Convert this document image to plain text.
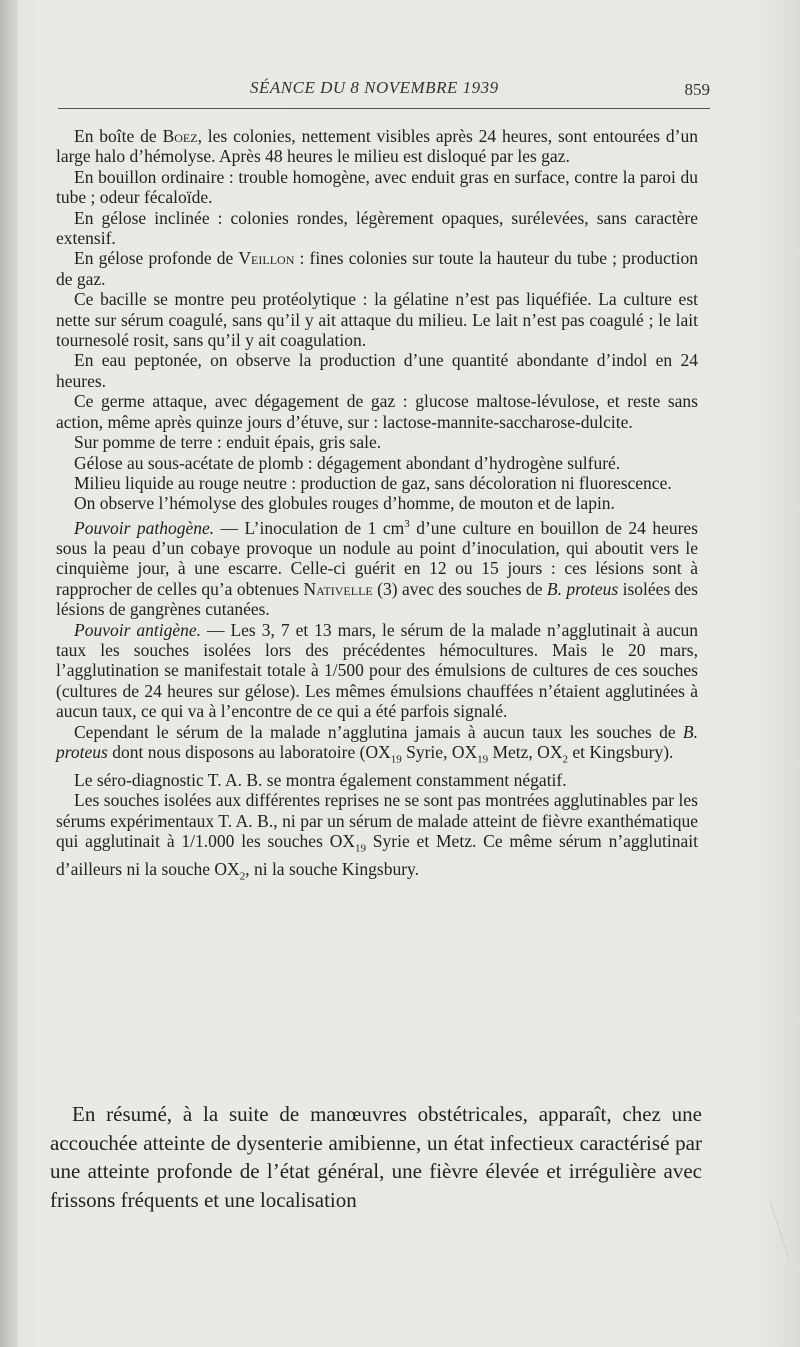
SÉANCE DU 8 NOVEMBRE 1939	859

En boîte de Boez, les colonies, nettement visibles après 24 heures, sont entourées d’un large halo d’hémolyse. Après 48 heures le milieu est disloqué par les gaz.

En bouillon ordinaire : trouble homogène, avec enduit gras en surface, contre la paroi du tube ; odeur fécaloïde.

En gélose inclinée : colonies rondes, légèrement opaques, surélevées, sans caractère extensif.

En gélose profonde de Veillon : fines colonies sur toute la hauteur du tube ; production de gaz.

Ce bacille se montre peu protéolytique : la gélatine n’est pas liquéfiée. La culture est nette sur sérum coagulé, sans qu’il y ait attaque du milieu. Le lait n’est pas coagulé ; le lait tournesolé rosit, sans qu’il y ait coagulation.

En eau peptonée, on observe la production d’une quantité abondante d’indol en 24 heures.

Ce germe attaque, avec dégagement de gaz : glucose maltose-lévulose, et reste sans action, même après quinze jours d’étuve, sur : lactose-mannite-saccharose-dulcite.

Sur pomme de terre : enduit épais, gris sale.

Gélose au sous-acétate de plomb : dégagement abondant d’hydrogène sulfuré.

Milieu liquide au rouge neutre : production de gaz, sans décoloration ni fluorescence.

On observe l’hémolyse des globules rouges d’homme, de mouton et de lapin.

Pouvoir pathogène. — L’inoculation de 1 $cm^3$ d’une culture en bouillon de 24 heures sous la peau d’un cobaye provoque un nodule au point d’inoculation, qui aboutit vers le cinquième jour, à une escarre. Celle-ci guérit en 12 ou 15 jours : ces lésions sont à rapprocher de celles qu’a obtenues Nativelle (3) avec des souches de B. proteus isolées des lésions de gangrènes cutanées.

Pouvoir antigène. — Les 3, 7 et 13 mars, le sérum de la malade n’agglutinait à aucun taux les souches isolées lors des précédentes hémocultures. Mais le 20 mars, l’agglutination se manifestait totale à 1/500 pour des émulsions de cultures de ces souches (cultures de 24 heures sur gélose). Les mêmes émulsions chauffées n’étaient agglutinées à aucun taux, ce qui va à l’encontre de ce qui a été parfois signalé.

Cependant le sérum de la malade n’agglutina jamais à aucun taux les souches de B. proteus dont nous disposons au laboratoire ($OX_{19}$ Syrie, $OX_{19}$ Metz, $OX_2$ et Kingsbury).

Le séro-diagnostic T. A. B. se montra également constamment négatif.

Les souches isolées aux différentes reprises ne se sont pas montrées agglutinables par les sérums expérimentaux T. A. B., ni par un sérum de malade atteint de fièvre exanthématique qui agglutinait à 1/1.000 les souches $OX_{19}$ Syrie et Metz. Ce même sérum n’agglutinait d’ailleurs ni la souche $OX_2$, ni la souche Kingsbury.

En résumé, à la suite de manœuvres obstétricales, apparaît, chez une accouchée atteinte de dysenterie amibienne, un état infectieux caractérisé par une atteinte profonde de l’état général, une fièvre élevée et irrégulière avec frissons fréquents et une localisation
